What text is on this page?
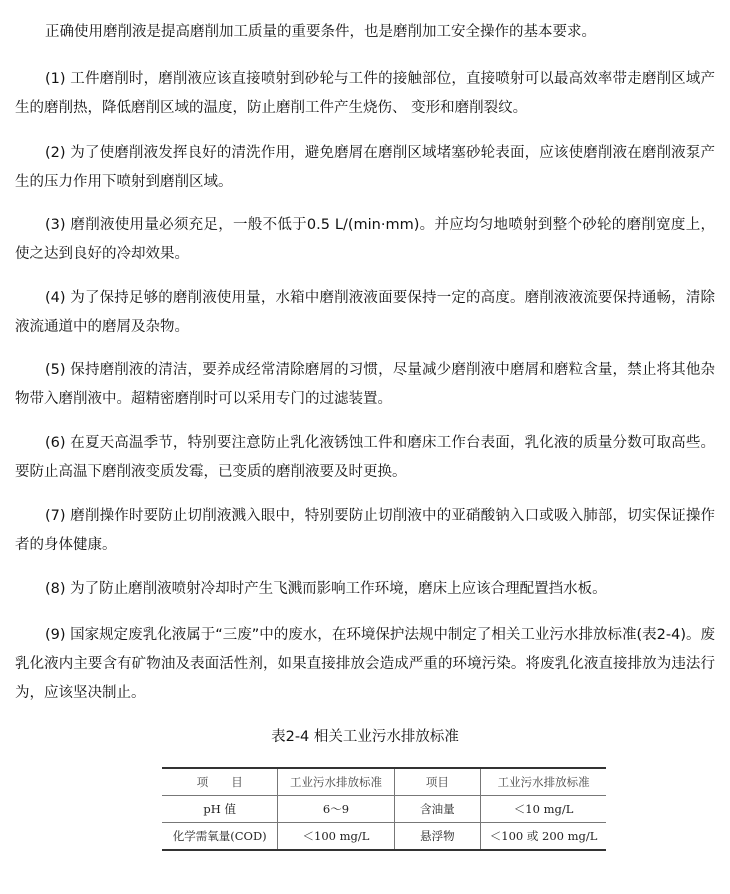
正确使用磨削液是提高磨削加工质量的重要条件，也是磨削加工安全操作的基本要求。

(1) 工件磨削时，磨削液应该直接喷射到砂轮与工件的接触部位，直接喷射可以最高效率带走磨削区域产生的磨削热，降低磨削区域的温度，防止磨削工件产生烧伤、 变形和磨削裂纹。

(2) 为了使磨削液发挥良好的清洗作用，避免磨屑在磨削区域堵塞砂轮表面，应该使磨削液在磨削液泵产生的压力作用下喷射到磨削区域。

(3) 磨削液使用量必须充足，一般不低于0.5 L/(min·mm)。并应均匀地喷射到整个砂轮的磨削宽度上，使之达到良好的冷却效果。

(4) 为了保持足够的磨削液使用量，水箱中磨削液液面要保持一定的高度。磨削液液流要保持通畅，清除液流通道中的磨屑及杂物。

(5) 保持磨削液的清洁，要养成经常清除磨屑的习惯，尽量减少磨削液中磨屑和磨粒含量，禁止将其他杂物带入磨削液中。超精密磨削时可以采用专门的过滤装置。

(6) 在夏天高温季节，特别要注意防止乳化液锈蚀工件和磨床工作台表面，乳化液的质量分数可取高些。要防止高温下磨削液变质发霉，已变质的磨削液要及时更换。

(7) 磨削操作时要防止切削液溅入眼中，特别要防止切削液中的亚硝酸钠入口或吸入肺部，切实保证操作者的身体健康。

(8) 为了防止磨削液喷射冷却时产生飞溅而影响工作环境，磨床上应该合理配置挡水板。

(9) 国家规定废乳化液属于“三废”中的废水，在环境保护法规中制定了相关工业污水排放标准(表2-4)。废乳化液内主要含有矿物油及表面活性剂，如果直接排放会造成严重的环境污染。将废乳化液直接排放为违法行为，应该坚决制止。

表2-4 相关工业污水排放标准
项　　目	工业污水排放标准	项目	工业污水排放标准
pH 值	6～9	含油量	＜10 mg/L
化学需氧量(COD)	＜100 mg/L	悬浮物	＜100 或 200 mg/L
